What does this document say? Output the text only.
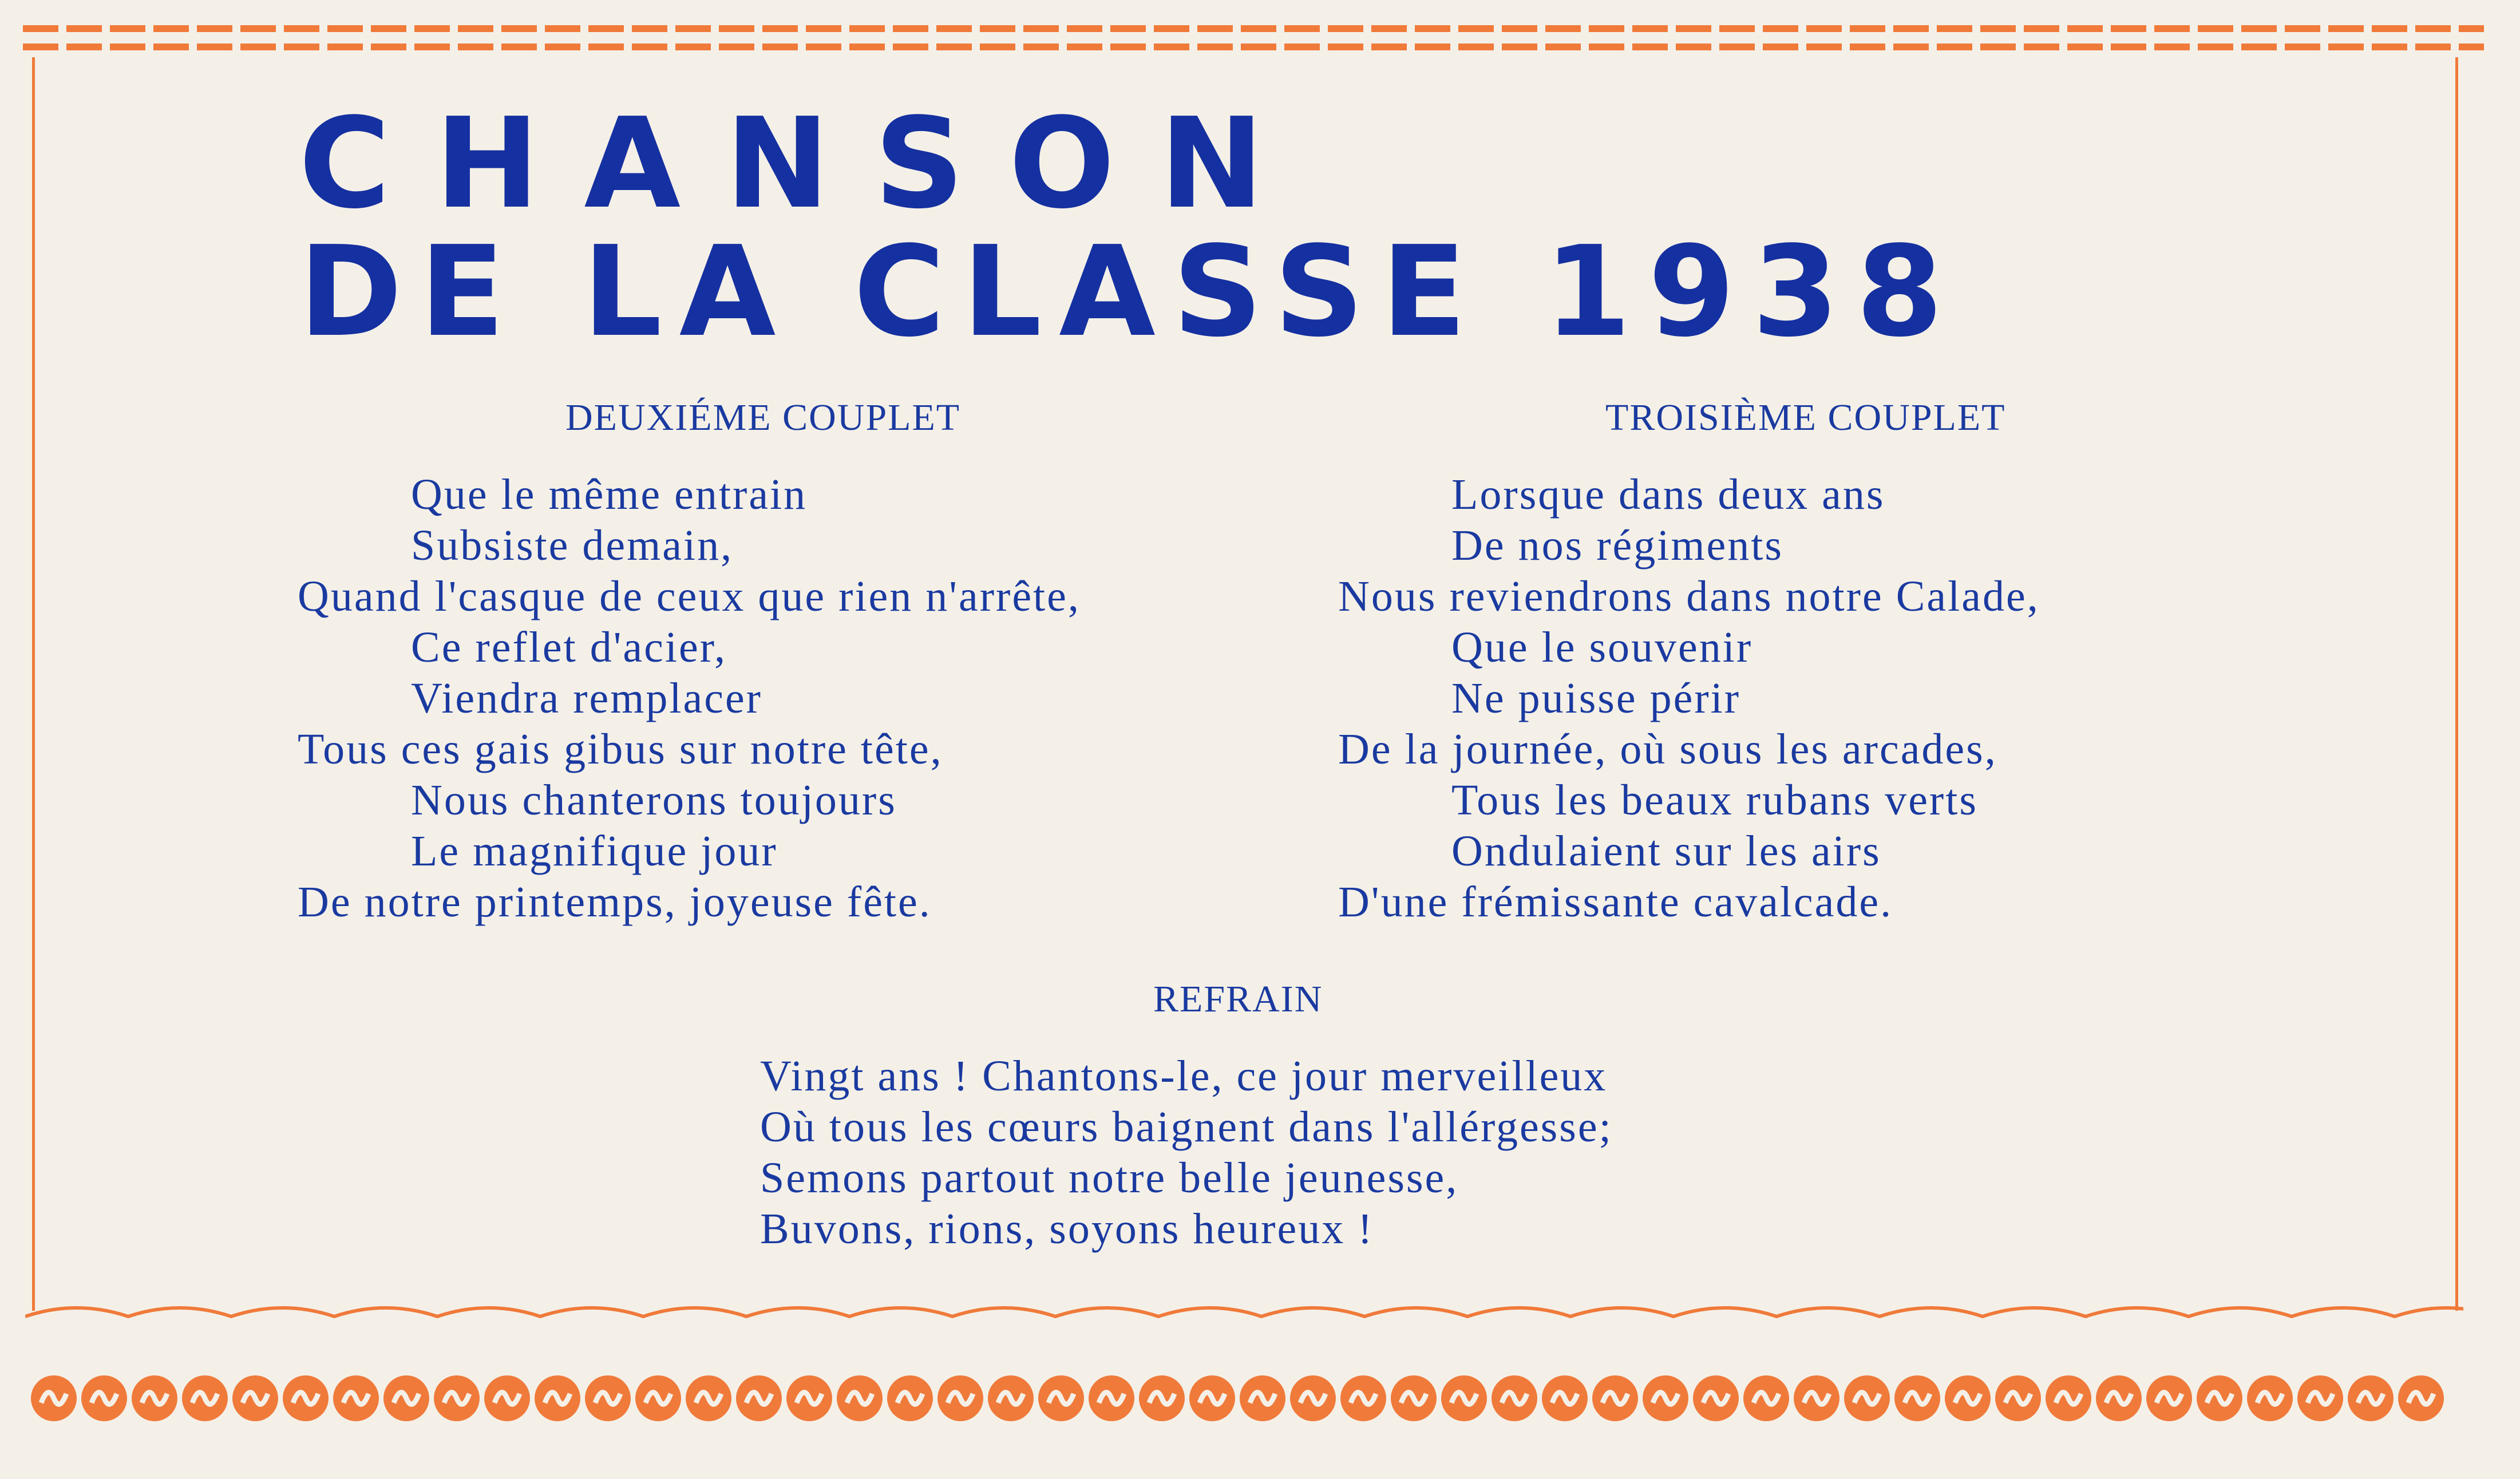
CHANSON
DE LA CLASSE 1938
DEUXIÉME COUPLET
Que le même entrain
Subsiste demain,
Quand l'casque de ceux que rien n'arrête,
Ce reflet d'acier,
Viendra remplacer
Tous ces gais gibus sur notre tête,
Nous chanterons toujours
Le magnifique jour
De notre printemps, joyeuse fête.
TROISIÈME COUPLET
Lorsque dans deux ans
De nos régiments
Nous reviendrons dans notre Calade,
Que le souvenir
Ne puisse périr
De la journée, où sous les arcades,
Tous les beaux rubans verts
Ondulaient sur les airs
D'une frémissante cavalcade.
REFRAIN
Vingt ans ! Chantons-le, ce jour merveilleux
Où tous les cœurs baignent dans l'allérgesse;
Semons partout notre belle jeunesse,
Buvons, rions, soyons heureux !
